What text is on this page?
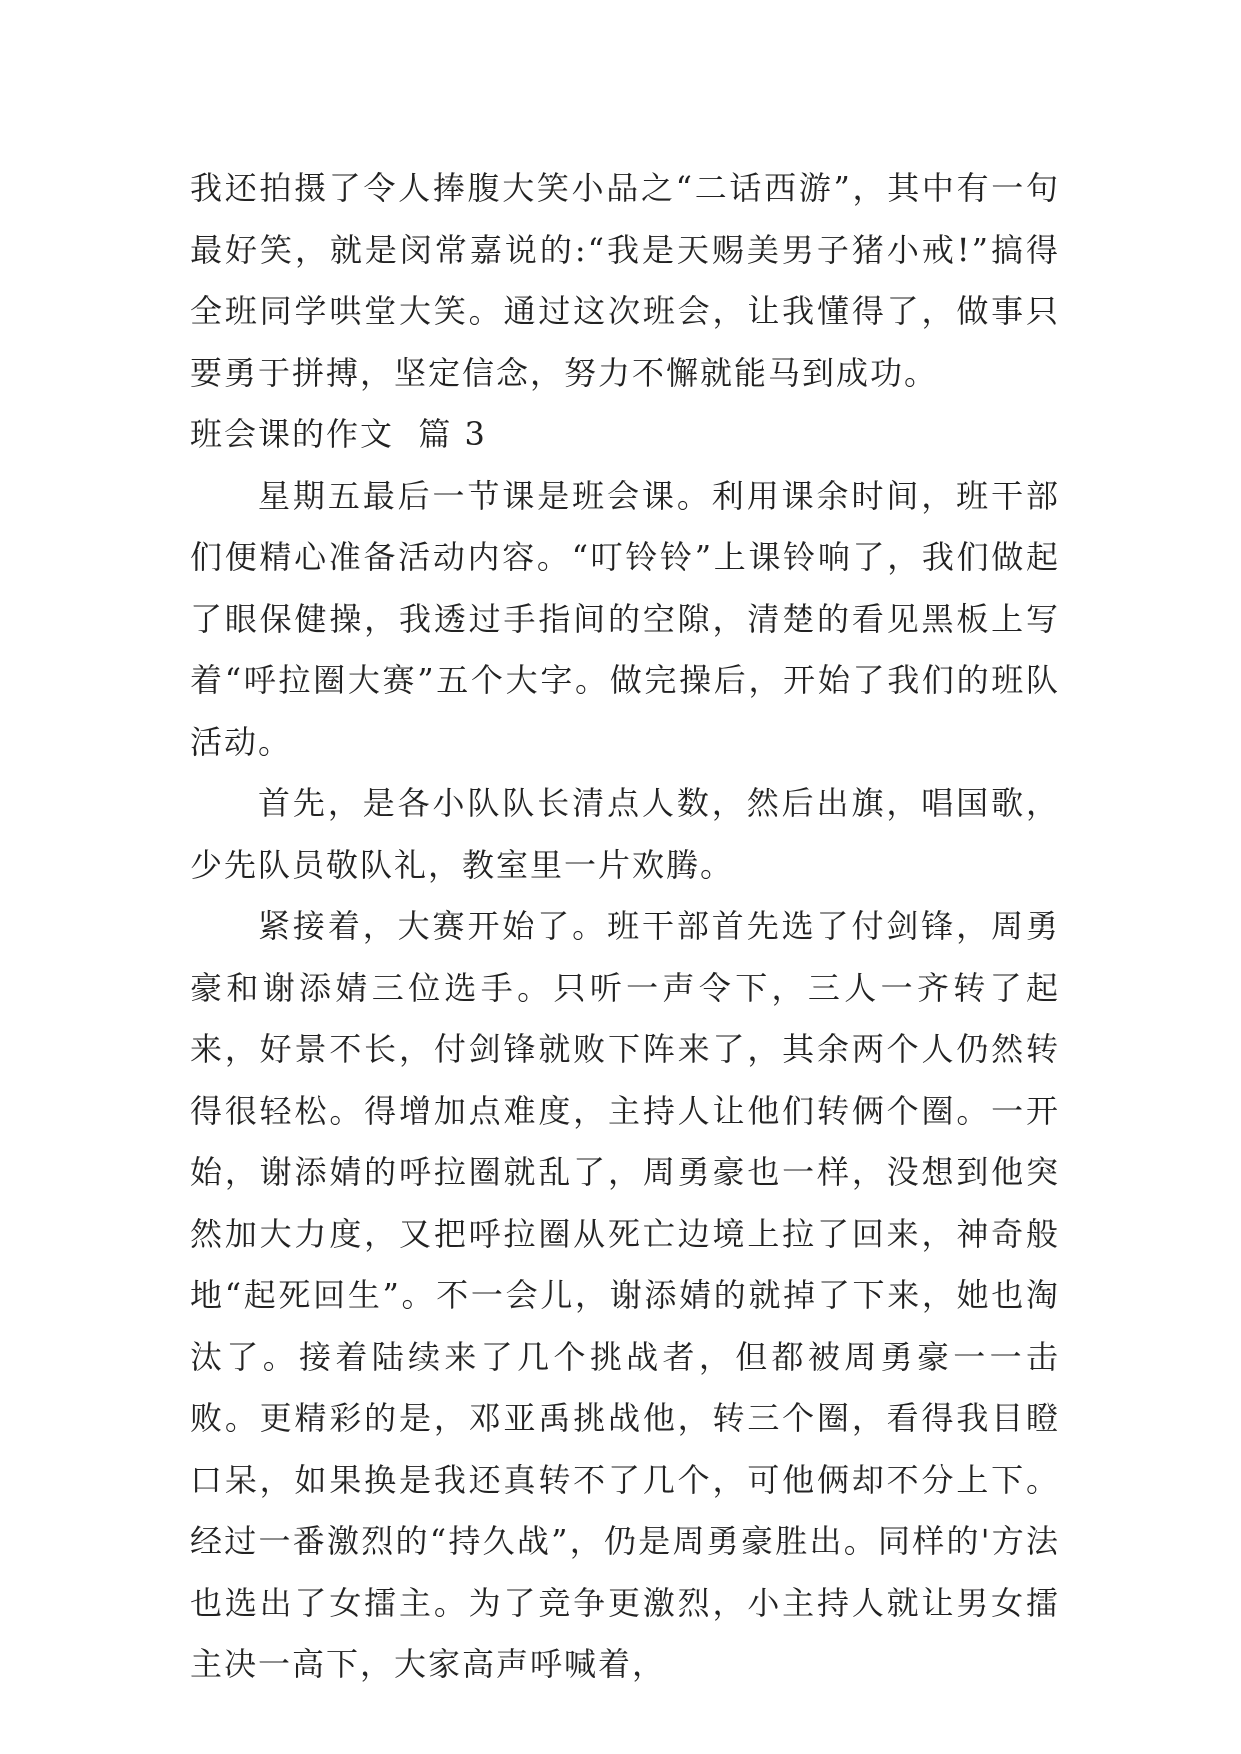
我还拍摄了令人捧腹大笑小品之“二话西游”，其中有一句最好笑，就是闵常嘉说的:“我是天赐美男子猪小戒!”搞得全班同学哄堂大笑。通过这次班会，让我懂得了，做事只要勇于拼搏，坚定信念，努力不懈就能马到成功。

班会课的作文  篇 3

星期五最后一节课是班会课。利用课余时间，班干部们便精心准备活动内容。“叮铃铃”上课铃响了，我们做起了眼保健操，我透过手指间的空隙，清楚的看见黑板上写着“呼拉圈大赛”五个大字。做完操后，开始了我们的班队活动。

首先，是各小队队长清点人数，然后出旗，唱国歌，少先队员敬队礼，教室里一片欢腾。

紧接着，大赛开始了。班干部首先选了付剑锋，周勇豪和谢添婧三位选手。只听一声令下，三人一齐转了起来，好景不长，付剑锋就败下阵来了，其余两个人仍然转得很轻松。得增加点难度，主持人让他们转俩个圈。一开始，谢添婧的呼拉圈就乱了，周勇豪也一样，没想到他突然加大力度，又把呼拉圈从死亡边境上拉了回来，神奇般地“起死回生”。不一会儿，谢添婧的就掉了下来，她也淘汰了。接着陆续来了几个挑战者，但都被周勇豪一一击败。更精彩的是，邓亚禹挑战他，转三个圈，看得我目瞪口呆，如果换是我还真转不了几个，可他俩却不分上下。经过一番激烈的“持久战”，仍是周勇豪胜出。同样的'方法也选出了女擂主。为了竞争更激烈，小主持人就让男女擂主决一高下，大家高声呼喊着，
